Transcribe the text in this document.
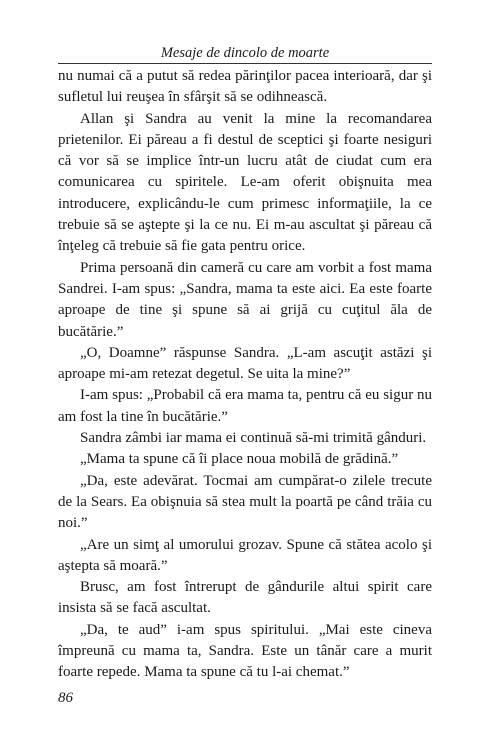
Mesaje de dincolo de moarte

nu numai că a putut să redea părinţilor pacea interioară, dar şi sufletul lui reuşea în sfârşit să se odihnească.

Allan şi Sandra au venit la mine la recomandarea prietenilor. Ei păreau a fi destul de sceptici şi foarte nesiguri că vor să se implice într-un lucru atât de ciudat cum era comunicarea cu spiritele. Le-am oferit obişnuita mea introducere, explicându-le cum primesc informaţiile, la ce trebuie să se aştepte şi la ce nu. Ei m-au ascultat şi păreau că înţeleg că trebuie să fie gata pentru orice.

Prima persoană din cameră cu care am vorbit a fost mama Sandrei. I-am spus: „Sandra, mama ta este aici. Ea este foarte aproape de tine şi spune să ai grijă cu cuţitul ăla de bucătărie.”

„O, Doamne” răspunse Sandra. „L-am ascuţit astăzi şi aproape mi-am retezat degetul. Se uita la mine?”

I-am spus: „Probabil că era mama ta, pentru că eu sigur nu am fost la tine în bucătărie.”

Sandra zâmbi iar mama ei continuă să-mi trimită gânduri.

„Mama ta spune că îi place noua mobilă de grădină.”

„Da, este adevărat. Tocmai am cumpărat-o zilele trecute de la Sears. Ea obişnuia să stea mult la poartă pe când trăia cu noi.”

„Are un simţ al umorului grozav. Spune că stătea acolo şi aştepta să moară.”

Brusc, am fost întrerupt de gândurile altui spirit care insista să se facă ascultat.

„Da, te aud” i-am spus spiritului. „Mai este cineva împreună cu mama ta, Sandra. Este un tânăr care a murit foarte repede. Mama ta spune că tu l-ai chemat.”

86
